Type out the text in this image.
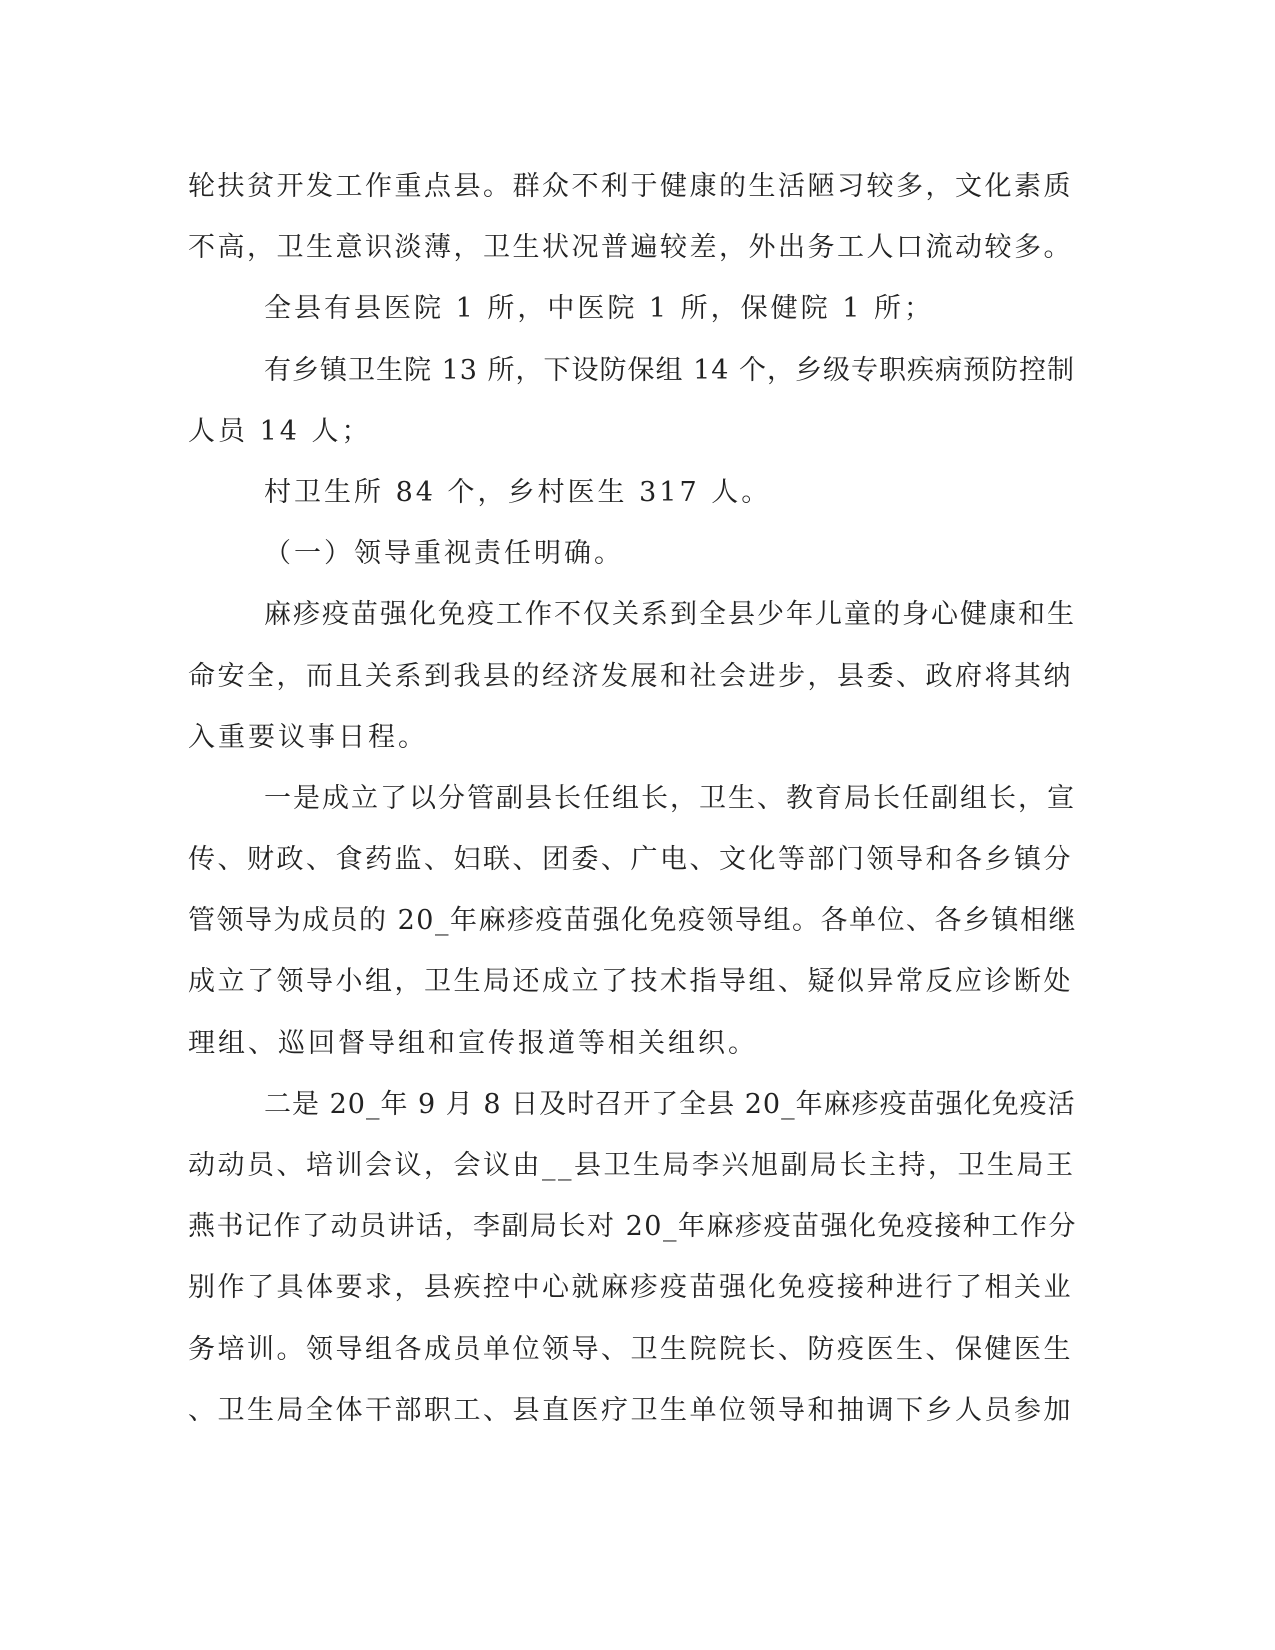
轮扶贫开发工作重点县。群众不利于健康的生活陋习较多，文化素质
不高，卫生意识淡薄，卫生状况普遍较差，外出务工人口流动较多。
全县有县医院 1 所，中医院 1 所，保健院 1 所；
有乡镇卫生院 13 所，下设防保组 14 个，乡级专职疾病预防控制
人员 14 人；
村卫生所 84 个，乡村医生 317 人。
（一）领导重视责任明确。
麻疹疫苗强化免疫工作不仅关系到全县少年儿童的身心健康和生
命安全，而且关系到我县的经济发展和社会进步，县委、政府将其纳
入重要议事日程。
一是成立了以分管副县长任组长，卫生、教育局长任副组长，宣
传、财政、食药监、妇联、团委、广电、文化等部门领导和各乡镇分
管领导为成员的 20_年麻疹疫苗强化免疫领导组。各单位、各乡镇相继
成立了领导小组，卫生局还成立了技术指导组、疑似异常反应诊断处
理组、巡回督导组和宣传报道等相关组织。
二是 20_年 9 月 8 日及时召开了全县 20_年麻疹疫苗强化免疫活
动动员、培训会议，会议由__县卫生局李兴旭副局长主持，卫生局王
燕书记作了动员讲话，李副局长对 20_年麻疹疫苗强化免疫接种工作分
别作了具体要求，县疾控中心就麻疹疫苗强化免疫接种进行了相关业
务培训。领导组各成员单位领导、卫生院院长、防疫医生、保健医生
、卫生局全体干部职工、县直医疗卫生单位领导和抽调下乡人员参加
